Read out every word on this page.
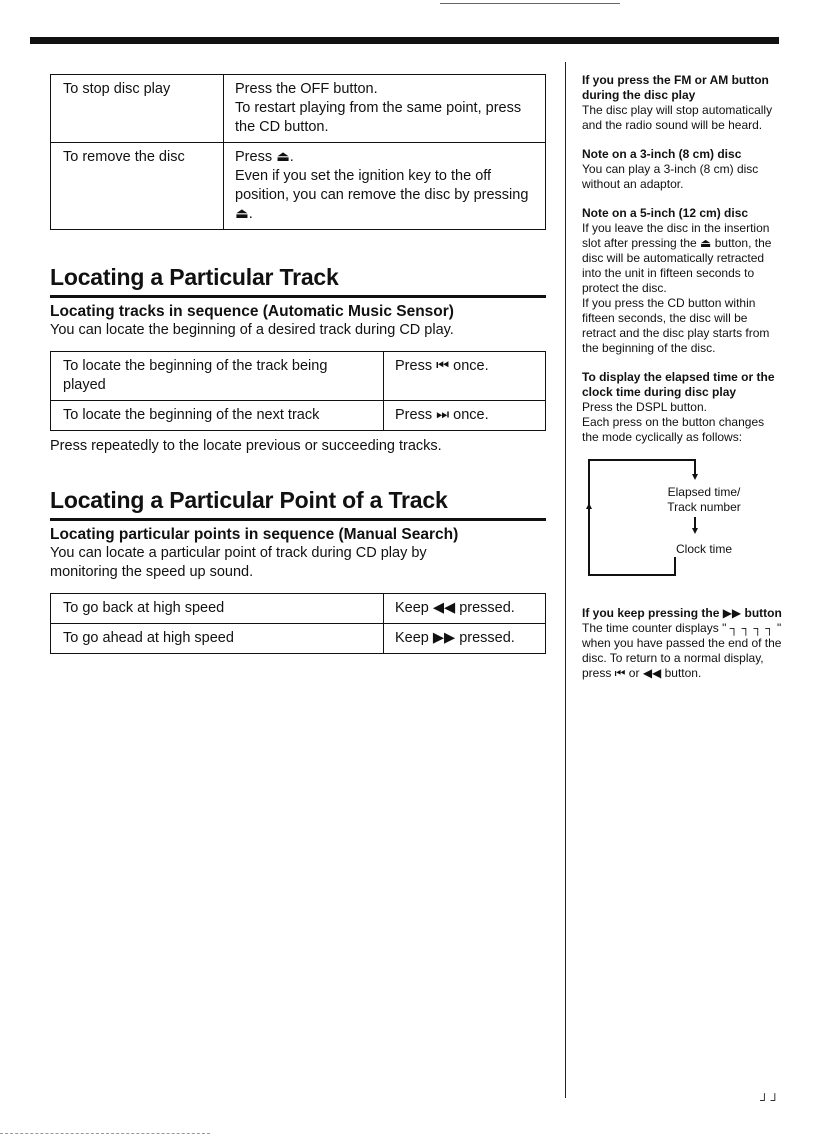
To stop disc play	Press the OFF button.
To restart playing from the same point, press the CD button.

To remove the disc	Press ⏏.
Even if you set the ignition key to the off position, you can remove the disc by pressing ⏏.
Locating a Particular Track
Locating tracks in sequence (Automatic Music Sensor)

You can locate the beginning of a desired track during CD play.

To locate the beginning of the track being played	Press ⏮ once.
To locate the beginning of the next track	Press ⏭ once.

Press repeatedly to the locate previous or succeeding tracks.

Locating a Particular Point of a Track
Locating particular points in sequence (Manual Search)

You can locate a particular point of track during CD play by monitoring the speed up sound.

To go back at high speed	Keep ◀◀ pressed.
To go ahead at high speed	Keep ▶▶ pressed.
If you press the FM or AM button during the disc play
The disc play will stop automatically and the radio sound will be heard.
Note on a 3-inch (8 cm) disc
You can play a 3-inch (8 cm) disc without an adaptor.
Note on a 5-inch (12 cm) disc
If you leave the disc in the insertion slot after pressing the ⏏ button, the disc will be automatically retracted into the unit in fifteen seconds to protect the disc.
If you press the CD button within fifteen seconds, the disc will be retract and the disc play starts from the beginning of the disc.
To display the elapsed time or the clock time during disc play
Press the DSPL button.
Each press on the button changes the mode cyclically as follows:
Elapsed time/
Track number
Clock time
If you keep pressing the ▶▶ button
The time counter displays " ┐ ┐ ┐ ┐ " when you have passed the end of the disc. To return to a normal display, press ⏮ or ◀◀ button.
┘┘
